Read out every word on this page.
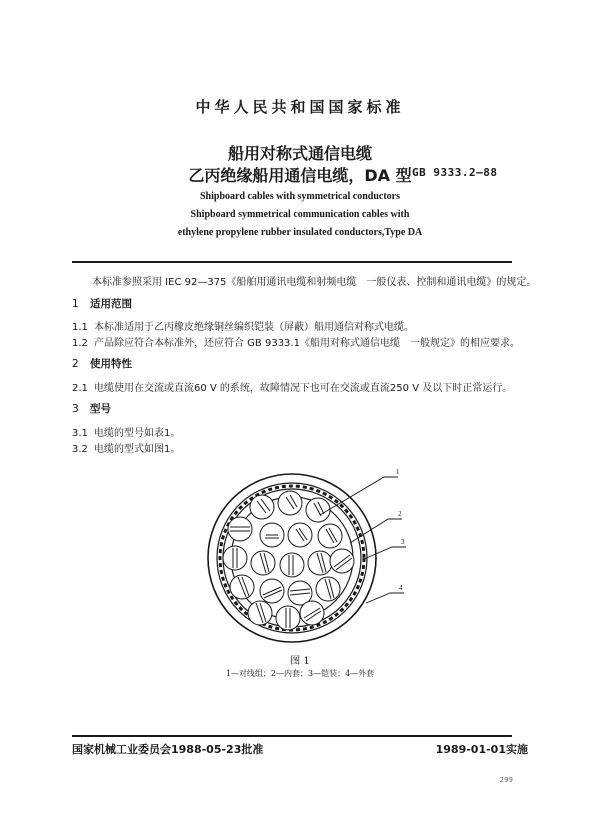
中华人民共和国国家标准
船用对称式通信电缆
乙丙绝缘船用通信电缆，DA 型 GB 9333.2—88
Shipboard cables with symmetrical conductors
Shipboard symmetrical communication cables with
ethylene propylene rubber insulated conductors,Type DA
本标准参照采用 IEC 92—375《船舶用通讯电缆和射频电缆　一般仪表、控制和通讯电缆》的规定。
1 适用范围
1.1 本标准适用于乙丙橡皮绝缘铜丝编织铠装（屏蔽）船用通信对称式电缆。
1.2 产品除应符合本标准外，还应符合 GB 9333.1《船用对称式通信电缆　一般规定》的相应要求。
2 使用特性
2.1 电缆使用在交流或直流60 V 的系统，故障情况下也可在交流或直流250 V 及以下时正常运行。
3 型号
3.1 电缆的型号如表1。
3.2 电缆的型式如图1。
1
2
3
4
图 1
1—对线组；2—内套；3—铠装；4—外套
国家机械工业委员会1988-05-23批准	1989-01-01实施
299
